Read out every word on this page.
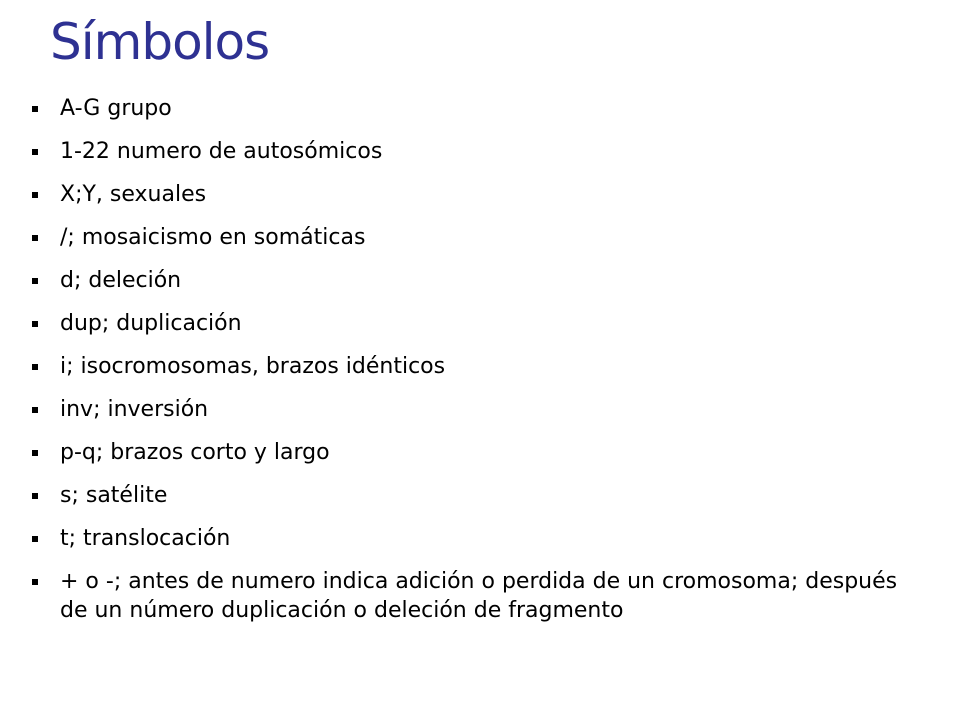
Símbolos
A-G grupo
1-22 numero de autosómicos
X;Y, sexuales
/; mosaicismo en somáticas
d; deleción
dup; duplicación
i; isocromosomas, brazos idénticos
inv; inversión
p-q; brazos corto y largo
s; satélite
t; translocación
+ o -; antes de numero indica adición o perdida de un cromosoma; después de un número duplicación o deleción de fragmento
